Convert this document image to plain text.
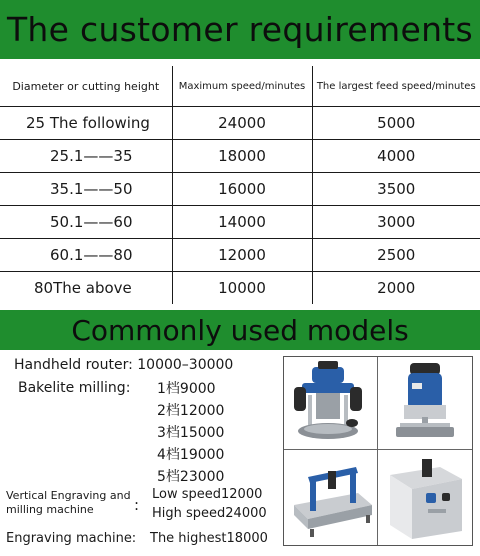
The customer requirements
Diameter or cutting height	Maximum speed/minutes	The largest feed speed/minutes
25 The following	24000	5000
25.1——35	18000	4000
35.1——50	16000	3500
50.1——60	14000	3000
60.1——80	12000	2500
80The above	10000	2000
Commonly used models
Handheld router: 10000–30000
Bakelite milling: 1档9000
2档12000
3档15000
4档19000
5档23000
Vertical Engraving and
milling machine	:
Low speed12000
High speed24000
Engraving machine: The highest18000
